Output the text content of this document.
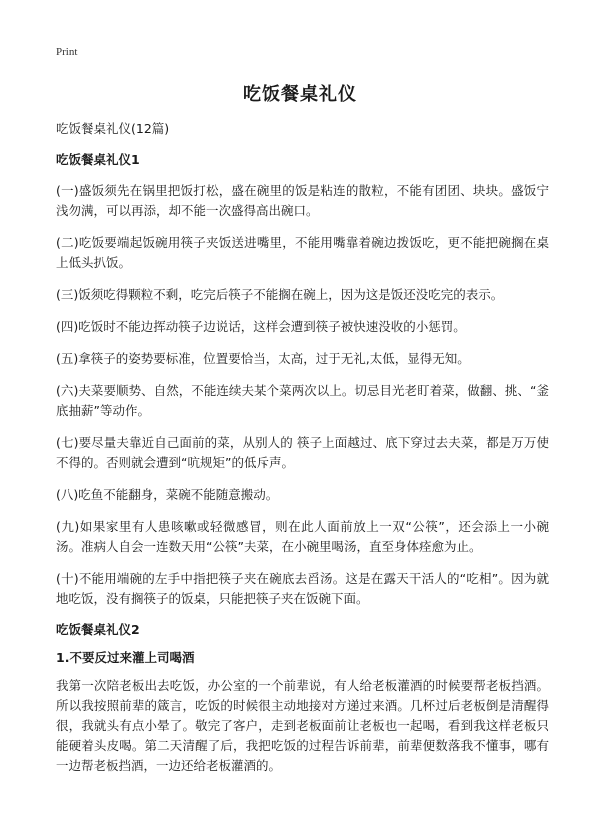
Print
吃饭餐桌礼仪

吃饭餐桌礼仪(12篇)

吃饭餐桌礼仪1

(一)盛饭须先在锅里把饭打松，盛在碗里的饭是粘连的散粒，不能有团团、块块。盛饭宁浅勿满，可以再添，却不能一次盛得高出碗口。

(二)吃饭要端起饭碗用筷子夹饭送进嘴里，不能用嘴靠着碗边拨饭吃，更不能把碗搁在桌上低头扒饭。

(三)饭须吃得颗粒不剩，吃完后筷子不能搁在碗上，因为这是饭还没吃完的表示。

(四)吃饭时不能边挥动筷子边说话，这样会遭到筷子被快速没收的小惩罚。

(五)拿筷子的姿势要标准，位置要恰当，太高，过于无礼,太低，显得无知。

(六)夫菜要顺势、自然，不能连续夫某个菜两次以上。切忌目光老盯着菜，做翻、挑、“釜底抽薪”等动作。

(七)要尽量夫靠近自己面前的菜，从别人的 筷子上面越过、底下穿过去夫菜，都是万万使不得的。否则就会遭到“吭规矩”的低斥声。

(八)吃鱼不能翻身，菜碗不能随意搬动。

(九)如果家里有人患咳嗽或轻微感冒，则在此人面前放上一双“公筷”，还会添上一小碗汤。准病人自会一连数天用“公筷”夫菜，在小碗里喝汤，直至身体痊愈为止。

(十)不能用端碗的左手中指把筷子夹在碗底去舀汤。这是在露天干活人的“吃相”。因为就地吃饭，没有搁筷子的饭桌，只能把筷子夹在饭碗下面。

吃饭餐桌礼仪2

1.不要反过来灌上司喝酒

我第一次陪老板出去吃饭，办公室的一个前辈说，有人给老板灌酒的时候要帮老板挡酒。所以我按照前辈的箴言，吃饭的时候很主动地接对方递过来酒。几杯过后老板倒是清醒得很，我就头有点小晕了。敬完了客户，走到老板面前让老板也一起喝，看到我这样老板只能硬着头皮喝。第二天清醒了后，我把吃饭的过程告诉前辈，前辈便数落我不懂事，哪有一边帮老板挡酒，一边还给老板灌酒的。
